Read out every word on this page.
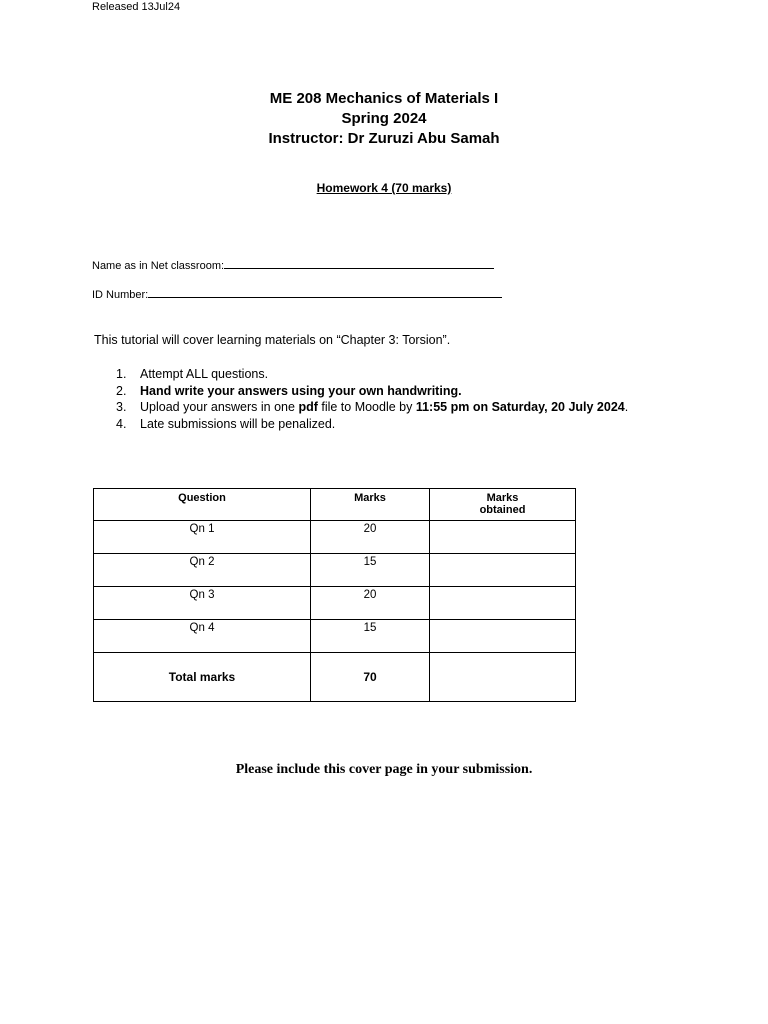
Released 13Jul24
ME 208 Mechanics of Materials I
Spring 2024
Instructor: Dr Zuruzi Abu Samah
Homework 4 (70 marks)
Name as in Net classroom:
ID Number:
This tutorial will cover learning materials on “Chapter 3: Torsion”.
1. Attempt ALL questions.
2. Hand write your answers using your own handwriting.
3. Upload your answers in one pdf file to Moodle by 11:55 pm on Saturday, 20 July 2024.
4. Late submissions will be penalized.
Question	Marks	Marks
obtained

Qn 1	20	
Qn 2	15	
Qn 3	20	
Qn 4	15	
Total marks	70	
Please include this cover page in your submission.
